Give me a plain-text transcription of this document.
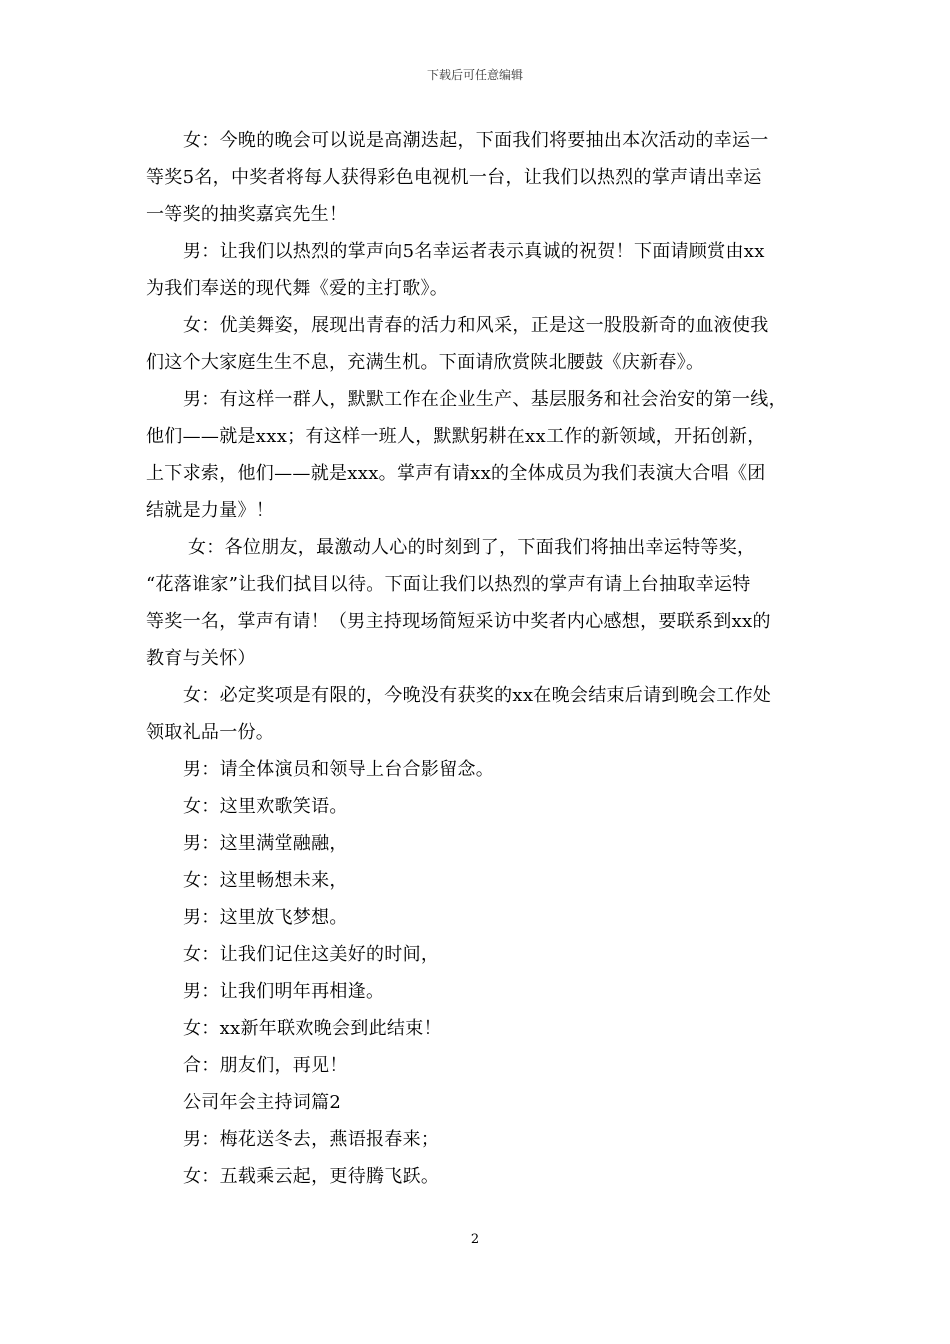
下载后可任意编辑
女：今晚的晚会可以说是高潮迭起，下面我们将要抽出本次活动的幸运一
等奖5名，中奖者将每人获得彩色电视机一台，让我们以热烈的掌声请出幸运
一等奖的抽奖嘉宾先生！
男：让我们以热烈的掌声向5名幸运者表示真诚的祝贺！下面请顾赏由xx
为我们奉送的现代舞《爱的主打歌》。
女：优美舞姿，展现出青春的活力和风采，正是这一股股新奇的血液使我
们这个大家庭生生不息，充满生机。下面请欣赏陕北腰鼓《庆新春》。
男：有这样一群人，默默工作在企业生产、基层服务和社会治安的第一线，
他们——就是xxx；有这样一班人，默默躬耕在xx工作的新领域，开拓创新，
上下求索，他们——就是xxx。掌声有请xx的全体成员为我们表演大合唱《团
结就是力量》！
女：各位朋友，最激动人心的时刻到了，下面我们将抽出幸运特等奖，
“花落谁家”让我们拭目以待。下面让我们以热烈的掌声有请上台抽取幸运特
等奖一名，掌声有请！（男主持现场简短采访中奖者内心感想，要联系到xx的
教育与关怀）
女：必定奖项是有限的，今晚没有获奖的xx在晚会结束后请到晚会工作处
领取礼品一份。
男：请全体演员和领导上台合影留念。
女：这里欢歌笑语。
男：这里满堂融融，
女：这里畅想未来，
男：这里放飞梦想。
女：让我们记住这美好的时间，
男：让我们明年再相逢。
女：xx新年联欢晚会到此结束！
合：朋友们，再见！
公司年会主持词篇2
男：梅花送冬去，燕语报春来；
女：五载乘云起，更待腾飞跃。
2
